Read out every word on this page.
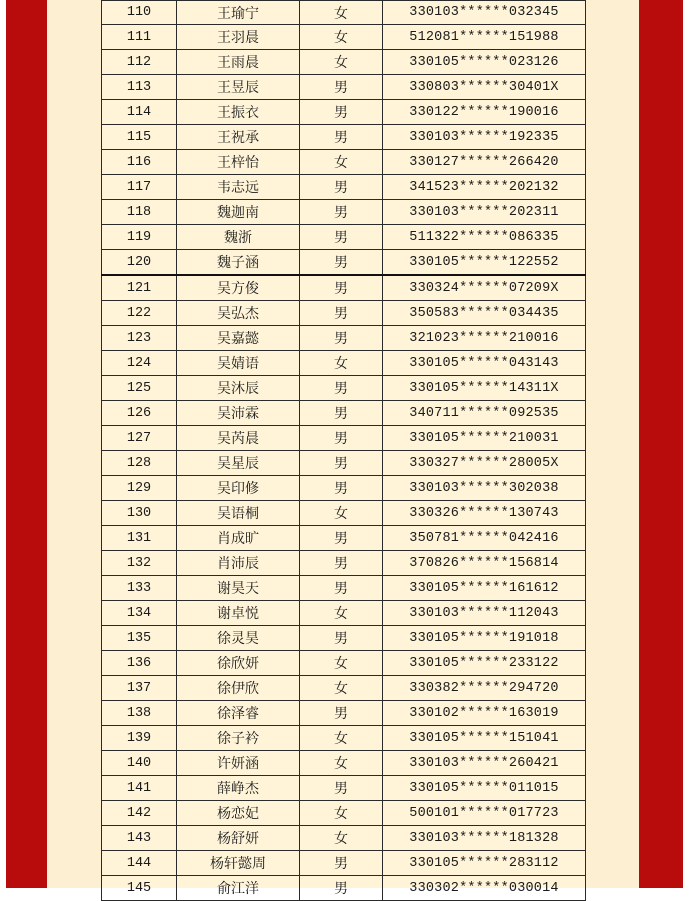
110	王瑜宁	女	330103******032345
111	王羽晨	女	512081******151988
112	王雨晨	女	330105******023126
113	王昱辰	男	330803******30401X
114	王振衣	男	330122******190016
115	王祝承	男	330103******192335
116	王梓怡	女	330127******266420
117	韦志远	男	341523******202132
118	魏迦南	男	330103******202311
119	魏浙	男	511322******086335
120	魏子涵	男	330105******122552
121	吴方俊	男	330324******07209X
122	吴弘杰	男	350583******034435
123	吴嘉懿	男	321023******210016
124	吴婧语	女	330105******043143
125	吴沐辰	男	330105******14311X
126	吴沛霖	男	340711******092535
127	吴芮晨	男	330105******210031
128	吴星辰	男	330327******28005X
129	吴印修	男	330103******302038
130	吴语桐	女	330326******130743
131	肖成旷	男	350781******042416
132	肖沛辰	男	370826******156814
133	谢昊天	男	330105******161612
134	谢卓悦	女	330103******112043
135	徐灵昊	男	330105******191018
136	徐欣妍	女	330105******233122
137	徐伊欣	女	330382******294720
138	徐泽睿	男	330102******163019
139	徐子衿	女	330105******151041
140	许妍涵	女	330103******260421
141	薛峥杰	男	330105******011015
142	杨恋妃	女	500101******017723
143	杨舒妍	女	330103******181328
144	杨轩懿周	男	330105******283112
145	俞江洋	男	330302******030014
